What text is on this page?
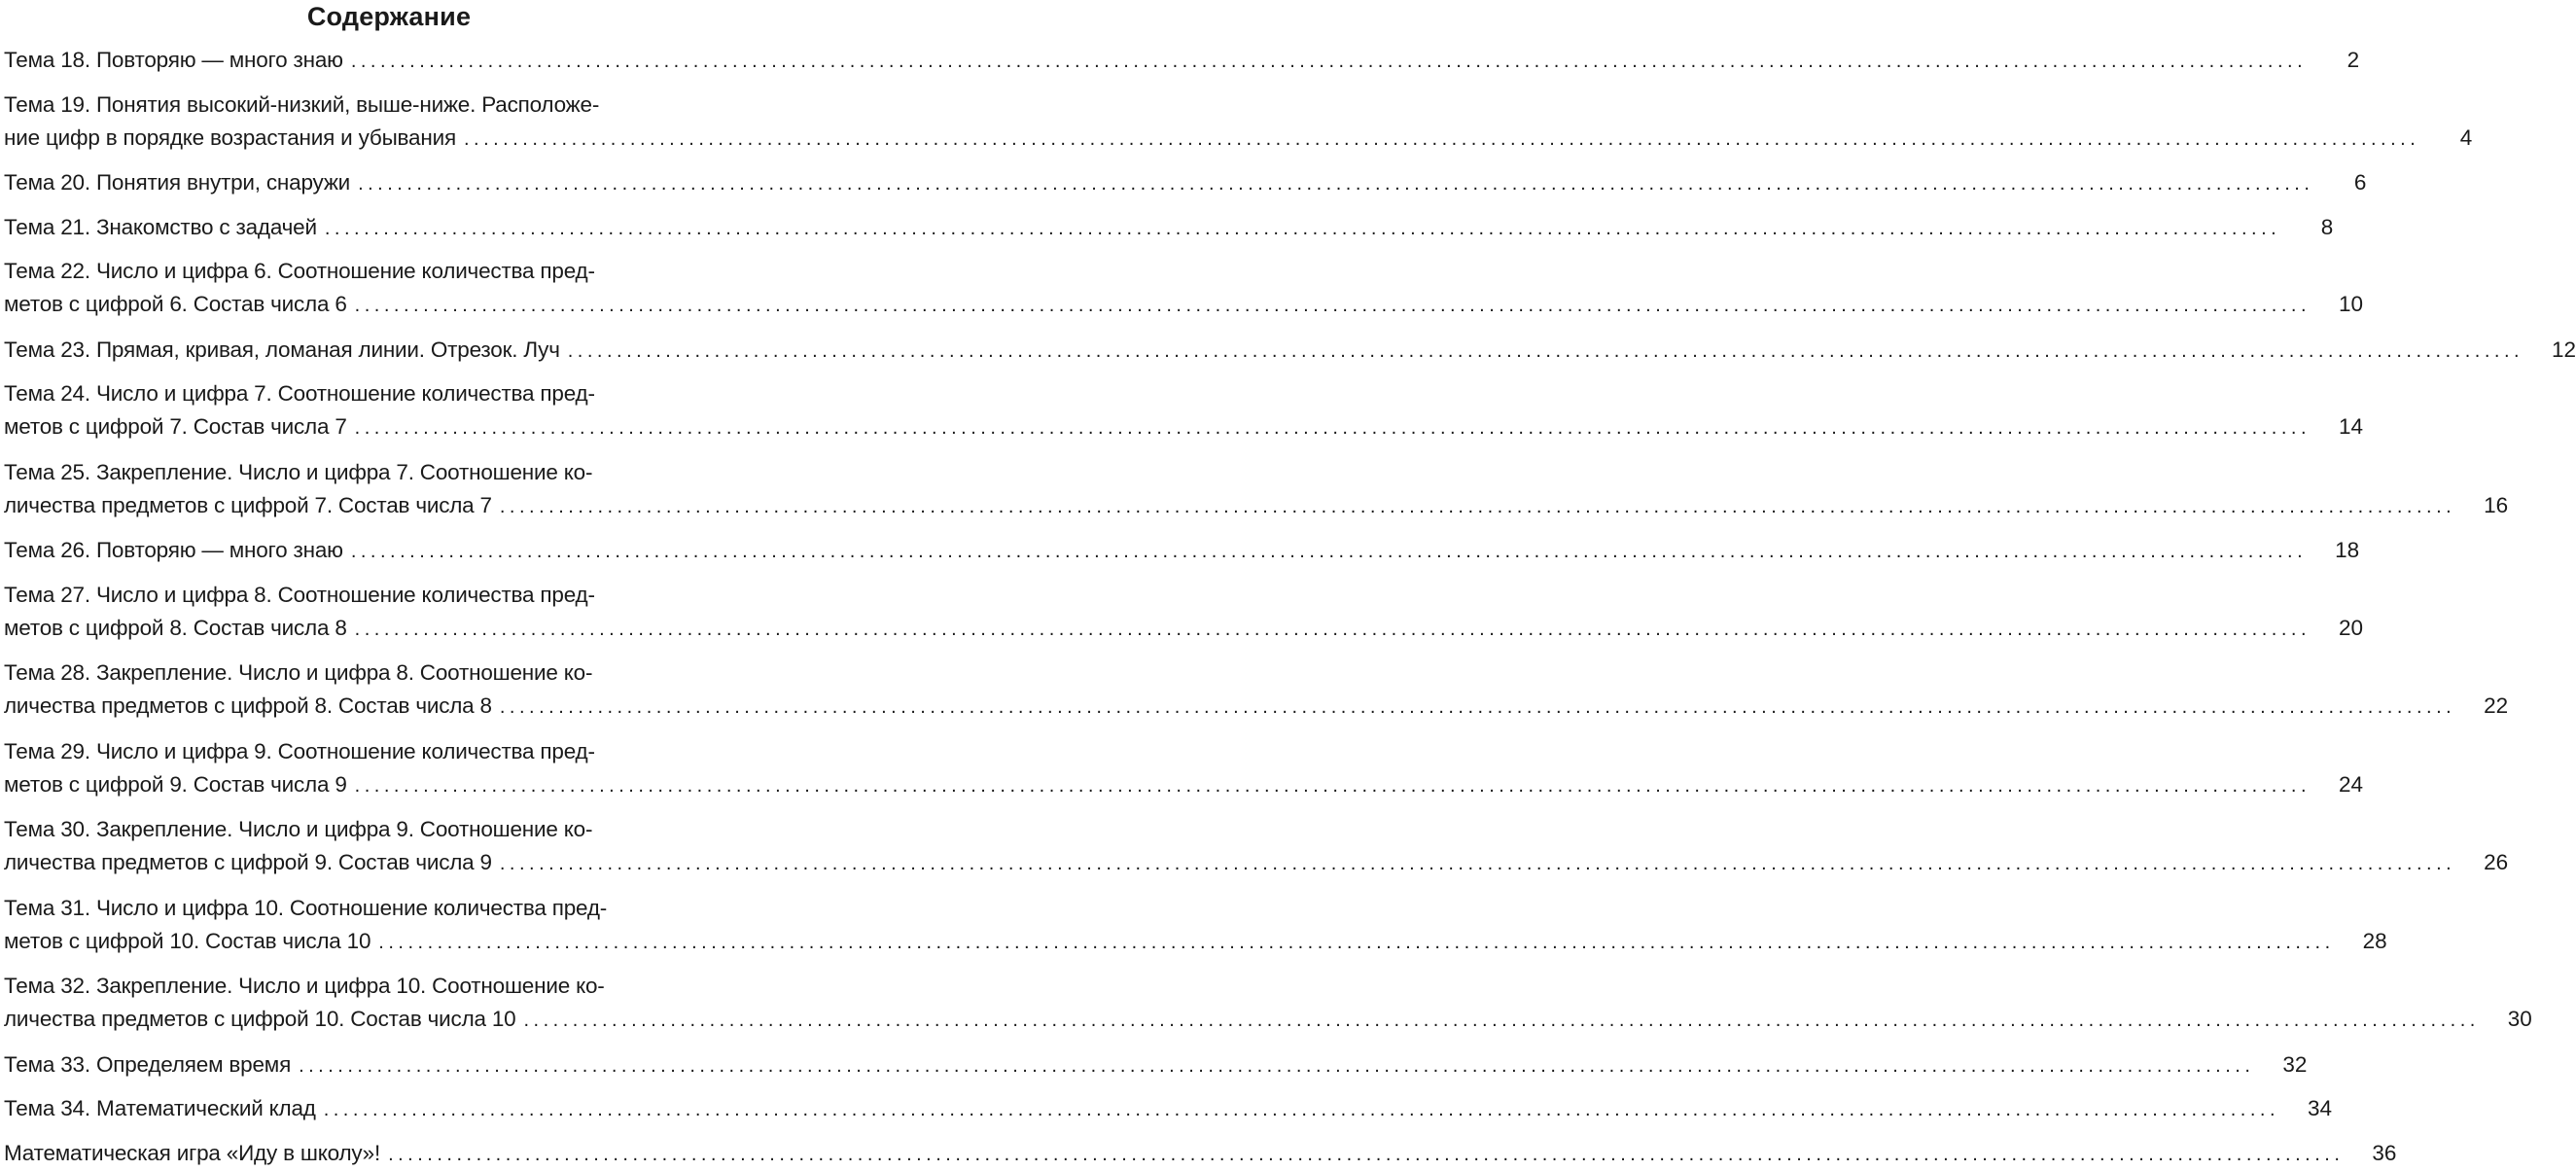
Содержание
Тема 18. Повторяю — много знаю ........................................................................................................................................................................................................	2
Тема 19. Понятия высокий-низкий, выше-ниже. Расположе-
ние цифр в порядке возрастания и убывания ........................................................................................................................................................................................................	4
Тема 20. Понятия внутри, снаружи ........................................................................................................................................................................................................	6
Тема 21. Знакомство с задачей ........................................................................................................................................................................................................	8
Тема 22. Число и цифра 6. Соотношение количества пред-
метов с цифрой 6. Состав числа 6 ........................................................................................................................................................................................................	10
Тема 23. Прямая, кривая, ломаная линии. Отрезок. Луч ........................................................................................................................................................................................................	12
Тема 24. Число и цифра 7. Соотношение количества пред-
метов с цифрой 7. Состав числа 7 ........................................................................................................................................................................................................	14
Тема 25. Закрепление. Число и цифра 7. Соотношение ко-
личества предметов с цифрой 7. Состав числа 7 ........................................................................................................................................................................................................	16
Тема 26. Повторяю — много знаю ........................................................................................................................................................................................................	18
Тема 27. Число и цифра 8. Соотношение количества пред-
метов с цифрой 8. Состав числа 8 ........................................................................................................................................................................................................	20
Тема 28. Закрепление. Число и цифра 8. Соотношение ко-
личества предметов с цифрой 8. Состав числа 8 ........................................................................................................................................................................................................	22
Тема 29. Число и цифра 9. Соотношение количества пред-
метов с цифрой 9. Состав числа 9 ........................................................................................................................................................................................................	24
Тема 30. Закрепление. Число и цифра 9. Соотношение ко-
личества предметов с цифрой 9. Состав числа 9 ........................................................................................................................................................................................................	26
Тема 31. Число и цифра 10. Соотношение количества пред-
метов с цифрой 10. Состав числа 10 ........................................................................................................................................................................................................	28
Тема 32. Закрепление. Число и цифра 10. Соотношение ко-
личества предметов с цифрой 10. Состав числа 10 ........................................................................................................................................................................................................	30
Тема 33. Определяем время ........................................................................................................................................................................................................	32
Тема 34. Математический клад ........................................................................................................................................................................................................	34
Математическая игра «Иду в школу»! ........................................................................................................................................................................................................	36
